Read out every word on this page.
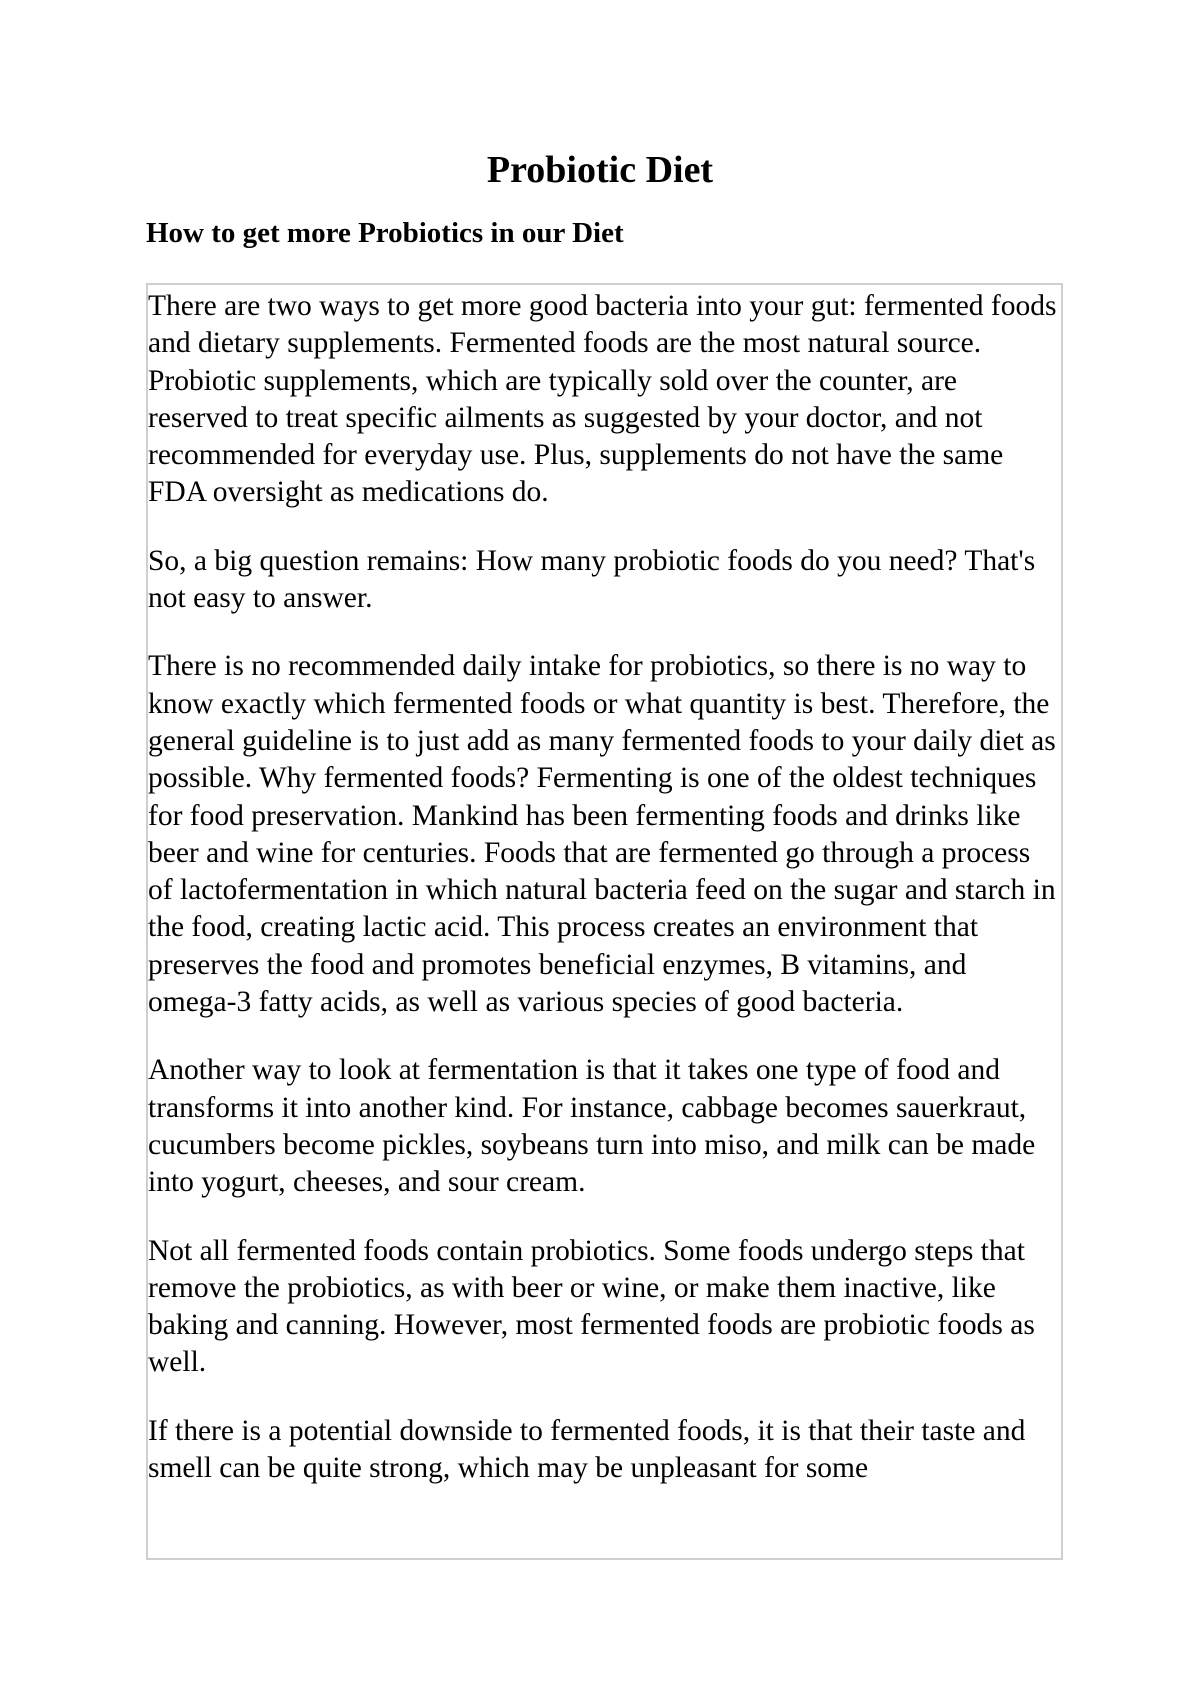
Probiotic Diet
How to get more Probiotics in our Diet

There are two ways to get more good bacteria into your gut: fermented foods and dietary supplements. Fermented foods are the most natural source. Probiotic supplements, which are typically sold over the counter, are reserved to treat specific ailments as suggested by your doctor, and not recommended for everyday use. Plus, supplements do not have the same FDA oversight as medications do.

So, a big question remains: How many probiotic foods do you need? That's not easy to answer.

There is no recommended daily intake for probiotics, so there is no way to know exactly which fermented foods or what quantity is best. Therefore, the general guideline is to just add as many fermented foods to your daily diet as possible. Why fermented foods? Fermenting is one of the oldest techniques for food preservation. Mankind has been fermenting foods and drinks like beer and wine for centuries. Foods that are fermented go through a process of lactofermentation in which natural bacteria feed on the sugar and starch in the food, creating lactic acid. This process creates an environment that preserves the food and promotes beneficial enzymes, B vitamins, and omega-3 fatty acids, as well as various species of good bacteria.

Another way to look at fermentation is that it takes one type of food and transforms it into another kind. For instance, cabbage becomes sauerkraut, cucumbers become pickles, soybeans turn into miso, and milk can be made into yogurt, cheeses, and sour cream.

Not all fermented foods contain probiotics. Some foods undergo steps that remove the probiotics, as with beer or wine, or make them inactive, like baking and canning. However, most fermented foods are probiotic foods as well.

If there is a potential downside to fermented foods, it is that their taste and smell can be quite strong, which may be unpleasant for some
